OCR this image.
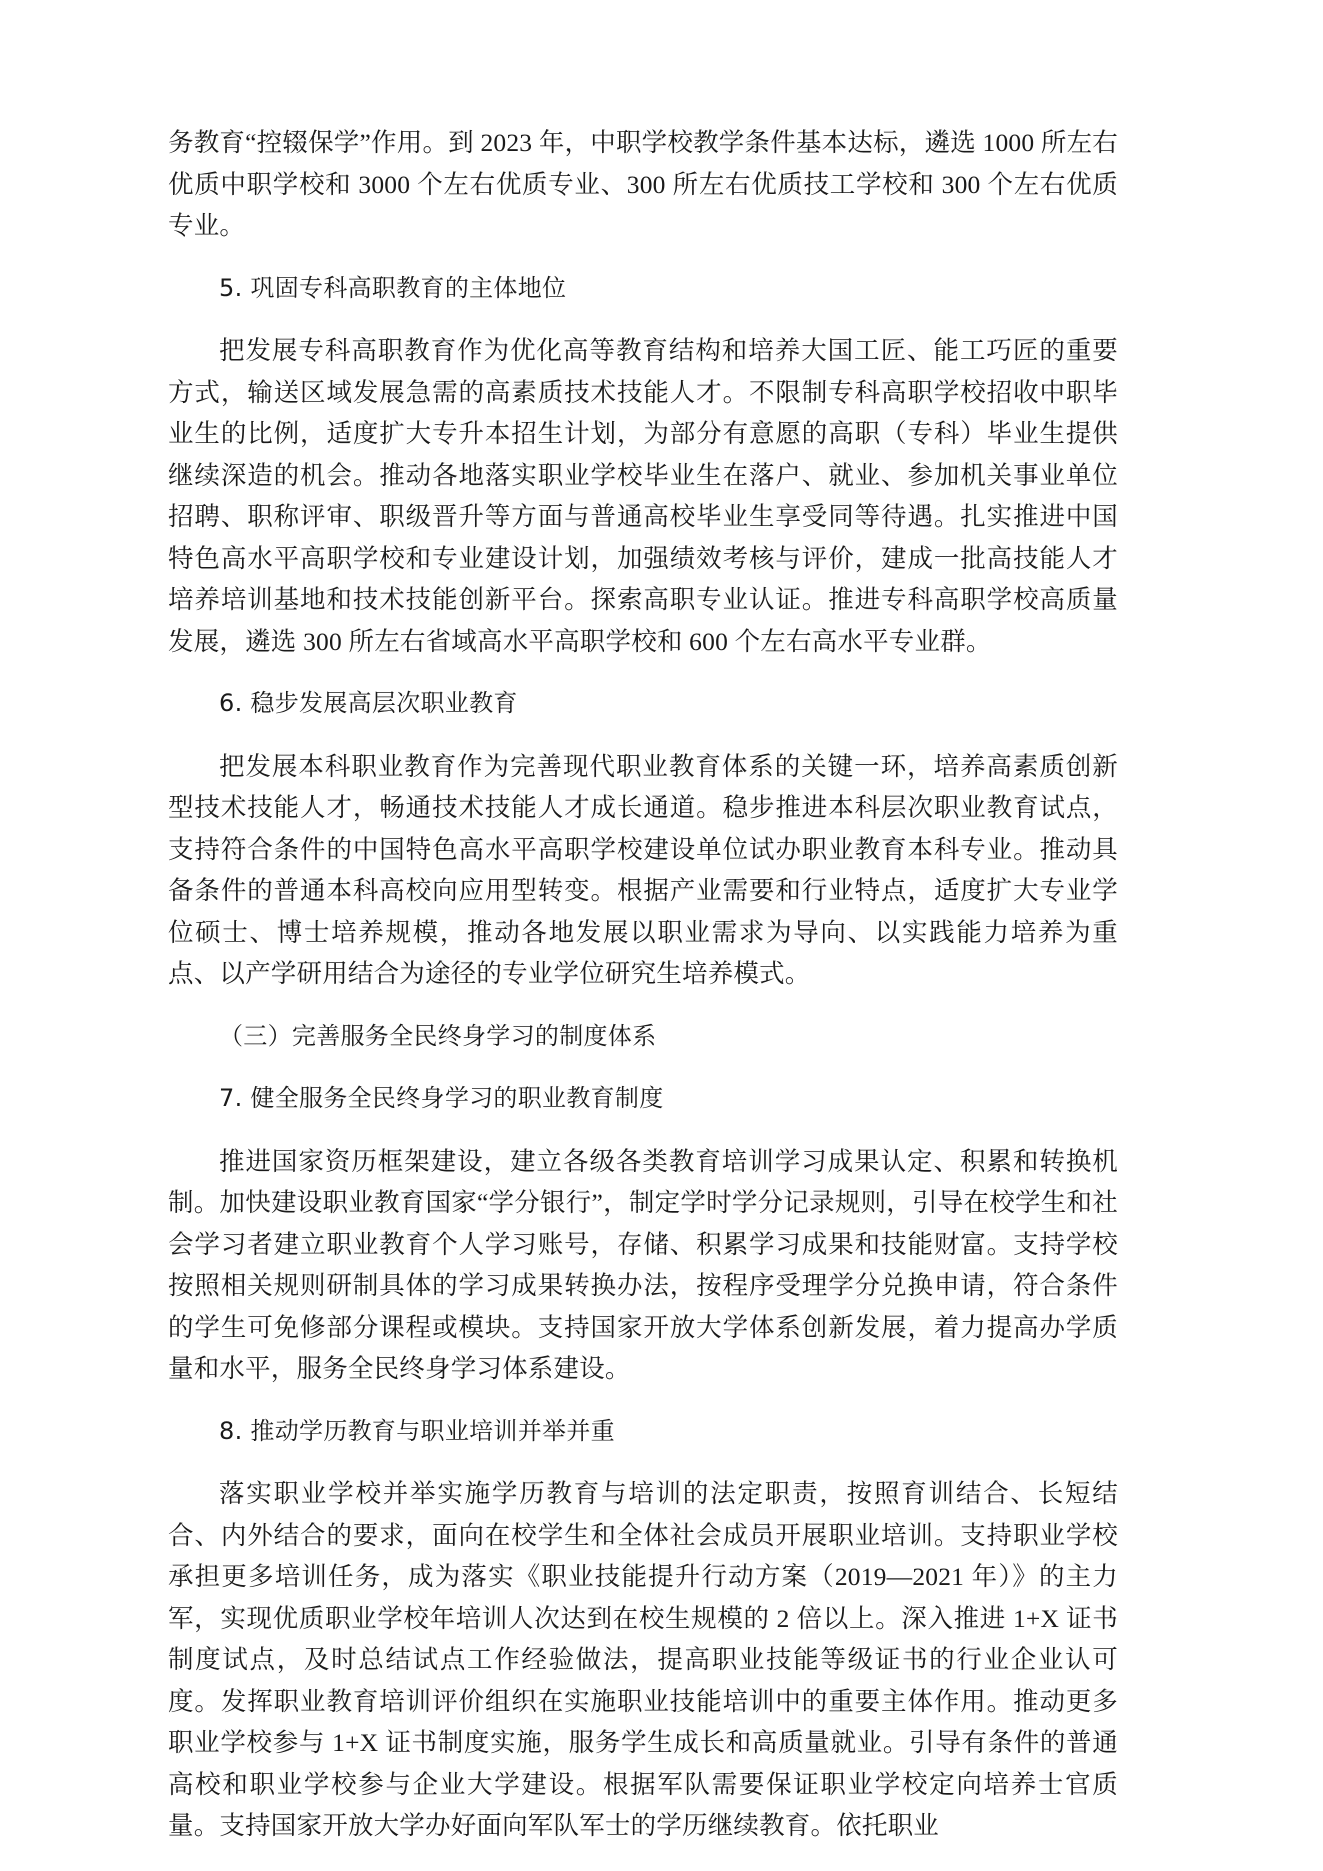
务教育“控辍保学”作用。到 2023 年，中职学校教学条件基本达标，遴选 1000 所左右优质中职学校和 3000 个左右优质专业、300 所左右优质技工学校和 300 个左右优质专业。

5. 巩固专科高职教育的主体地位

把发展专科高职教育作为优化高等教育结构和培养大国工匠、能工巧匠的重要方式，输送区域发展急需的高素质技术技能人才。不限制专科高职学校招收中职毕业生的比例，适度扩大专升本招生计划，为部分有意愿的高职（专科）毕业生提供继续深造的机会。推动各地落实职业学校毕业生在落户、就业、参加机关事业单位招聘、职称评审、职级晋升等方面与普通高校毕业生享受同等待遇。扎实推进中国特色高水平高职学校和专业建设计划，加强绩效考核与评价，建成一批高技能人才培养培训基地和技术技能创新平台。探索高职专业认证。推进专科高职学校高质量发展，遴选 300 所左右省域高水平高职学校和 600 个左右高水平专业群。

6. 稳步发展高层次职业教育

把发展本科职业教育作为完善现代职业教育体系的关键一环，培养高素质创新型技术技能人才，畅通技术技能人才成长通道。稳步推进本科层次职业教育试点，支持符合条件的中国特色高水平高职学校建设单位试办职业教育本科专业。推动具备条件的普通本科高校向应用型转变。根据产业需要和行业特点，适度扩大专业学位硕士、博士培养规模，推动各地发展以职业需求为导向、以实践能力培养为重点、以产学研用结合为途径的专业学位研究生培养模式。

（三）完善服务全民终身学习的制度体系

7. 健全服务全民终身学习的职业教育制度

推进国家资历框架建设，建立各级各类教育培训学习成果认定、积累和转换机制。加快建设职业教育国家“学分银行”，制定学时学分记录规则，引导在校学生和社会学习者建立职业教育个人学习账号，存储、积累学习成果和技能财富。支持学校按照相关规则研制具体的学习成果转换办法，按程序受理学分兑换申请，符合条件的学生可免修部分课程或模块。支持国家开放大学体系创新发展，着力提高办学质量和水平，服务全民终身学习体系建设。

8. 推动学历教育与职业培训并举并重

落实职业学校并举实施学历教育与培训的法定职责，按照育训结合、长短结合、内外结合的要求，面向在校学生和全体社会成员开展职业培训。支持职业学校承担更多培训任务，成为落实《职业技能提升行动方案（2019—2021 年）》的主力军，实现优质职业学校年培训人次达到在校生规模的 2 倍以上。深入推进 1+X 证书制度试点，及时总结试点工作经验做法，提高职业技能等级证书的行业企业认可度。发挥职业教育培训评价组织在实施职业技能培训中的重要主体作用。推动更多职业学校参与 1+X 证书制度实施，服务学生成长和高质量就业。引导有条件的普通高校和职业学校参与企业大学建设。根据军队需要保证职业学校定向培养士官质量。支持国家开放大学办好面向军队军士的学历继续教育。依托职业
